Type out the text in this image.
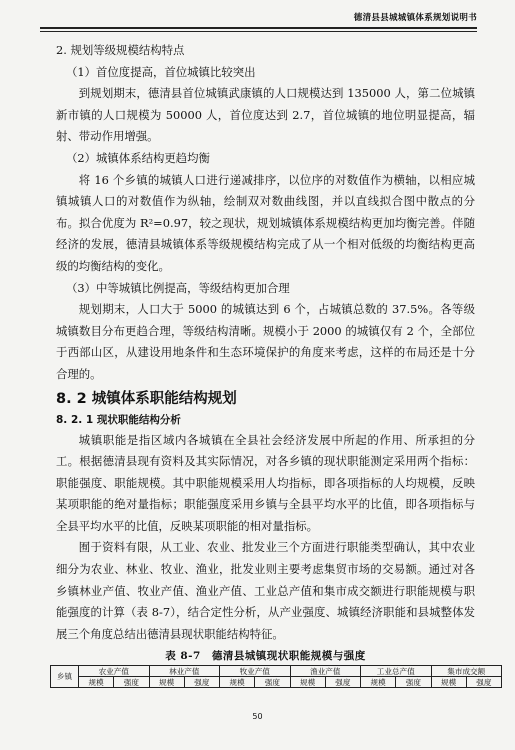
德清县县城城镇体系规划说明书

2. 规划等级规模结构特点

（1）首位度提高，首位城镇比较突出

到规划期末，德清县首位城镇武康镇的人口规模达到 135000 人，第二位城镇新市镇的人口规模为 50000 人，首位度达到 2.7，首位城镇的地位明显提高，辐射、带动作用增强。

（2）城镇体系结构更趋均衡

将 16 个乡镇的城镇人口进行递减排序，以位序的对数值作为横轴，以相应城镇城镇人口的对数值作为纵轴，绘制双对数曲线图，并以直线拟合图中散点的分布。拟合优度为 R²=0.97，较之现状，规划城镇体系规模结构更加均衡完善。伴随经济的发展，德清县城镇体系等级规模结构完成了从一个相对低级的均衡结构更高级的均衡结构的变化。

（3）中等城镇比例提高，等级结构更加合理

规划期末，人口大于 5000 的城镇达到 6 个，占城镇总数的 37.5%。各等级城镇数目分布更趋合理，等级结构清晰。规模小于 2000 的城镇仅有 2 个，全部位于西部山区，从建设用地条件和生态环境保护的角度来考虑，这样的布局还是十分合理的。

8. 2 城镇体系职能结构规划

8. 2. 1 现状职能结构分析

城镇职能是指区域内各城镇在全县社会经济发展中所起的作用、所承担的分工。根据德清县现有资料及其实际情况，对各乡镇的现状职能测定采用两个指标：职能强度、职能规模。其中职能规模采用人均指标，即各项指标的人均规模，反映某项职能的绝对量指标；职能强度采用乡镇与全县平均水平的比值，即各项指标与全县平均水平的比值，反映某项职能的相对量指标。

囿于资料有限，从工业、农业、批发业三个方面进行职能类型确认，其中农业细分为农业、林业、牧业、渔业，批发业则主要考虑集贸市场的交易额。通过对各乡镇林业产值、牧业产值、渔业产值、工业总产值和集市成交额进行职能规模与职能强度的计算（表 8-7），结合定性分析，从产业强度、城镇经济职能和县城整体发展三个角度总结出德清县现状职能结构特征。

表 8-7　德清县城镇现状职能规模与强度
乡镇	农业产值		林业产值		牧业产值		渔业产值		工业总产值		集市成交额	
	规模	强度	规模	强度	规模	强度	规模	强度	规模	强度	规模	强度
50
